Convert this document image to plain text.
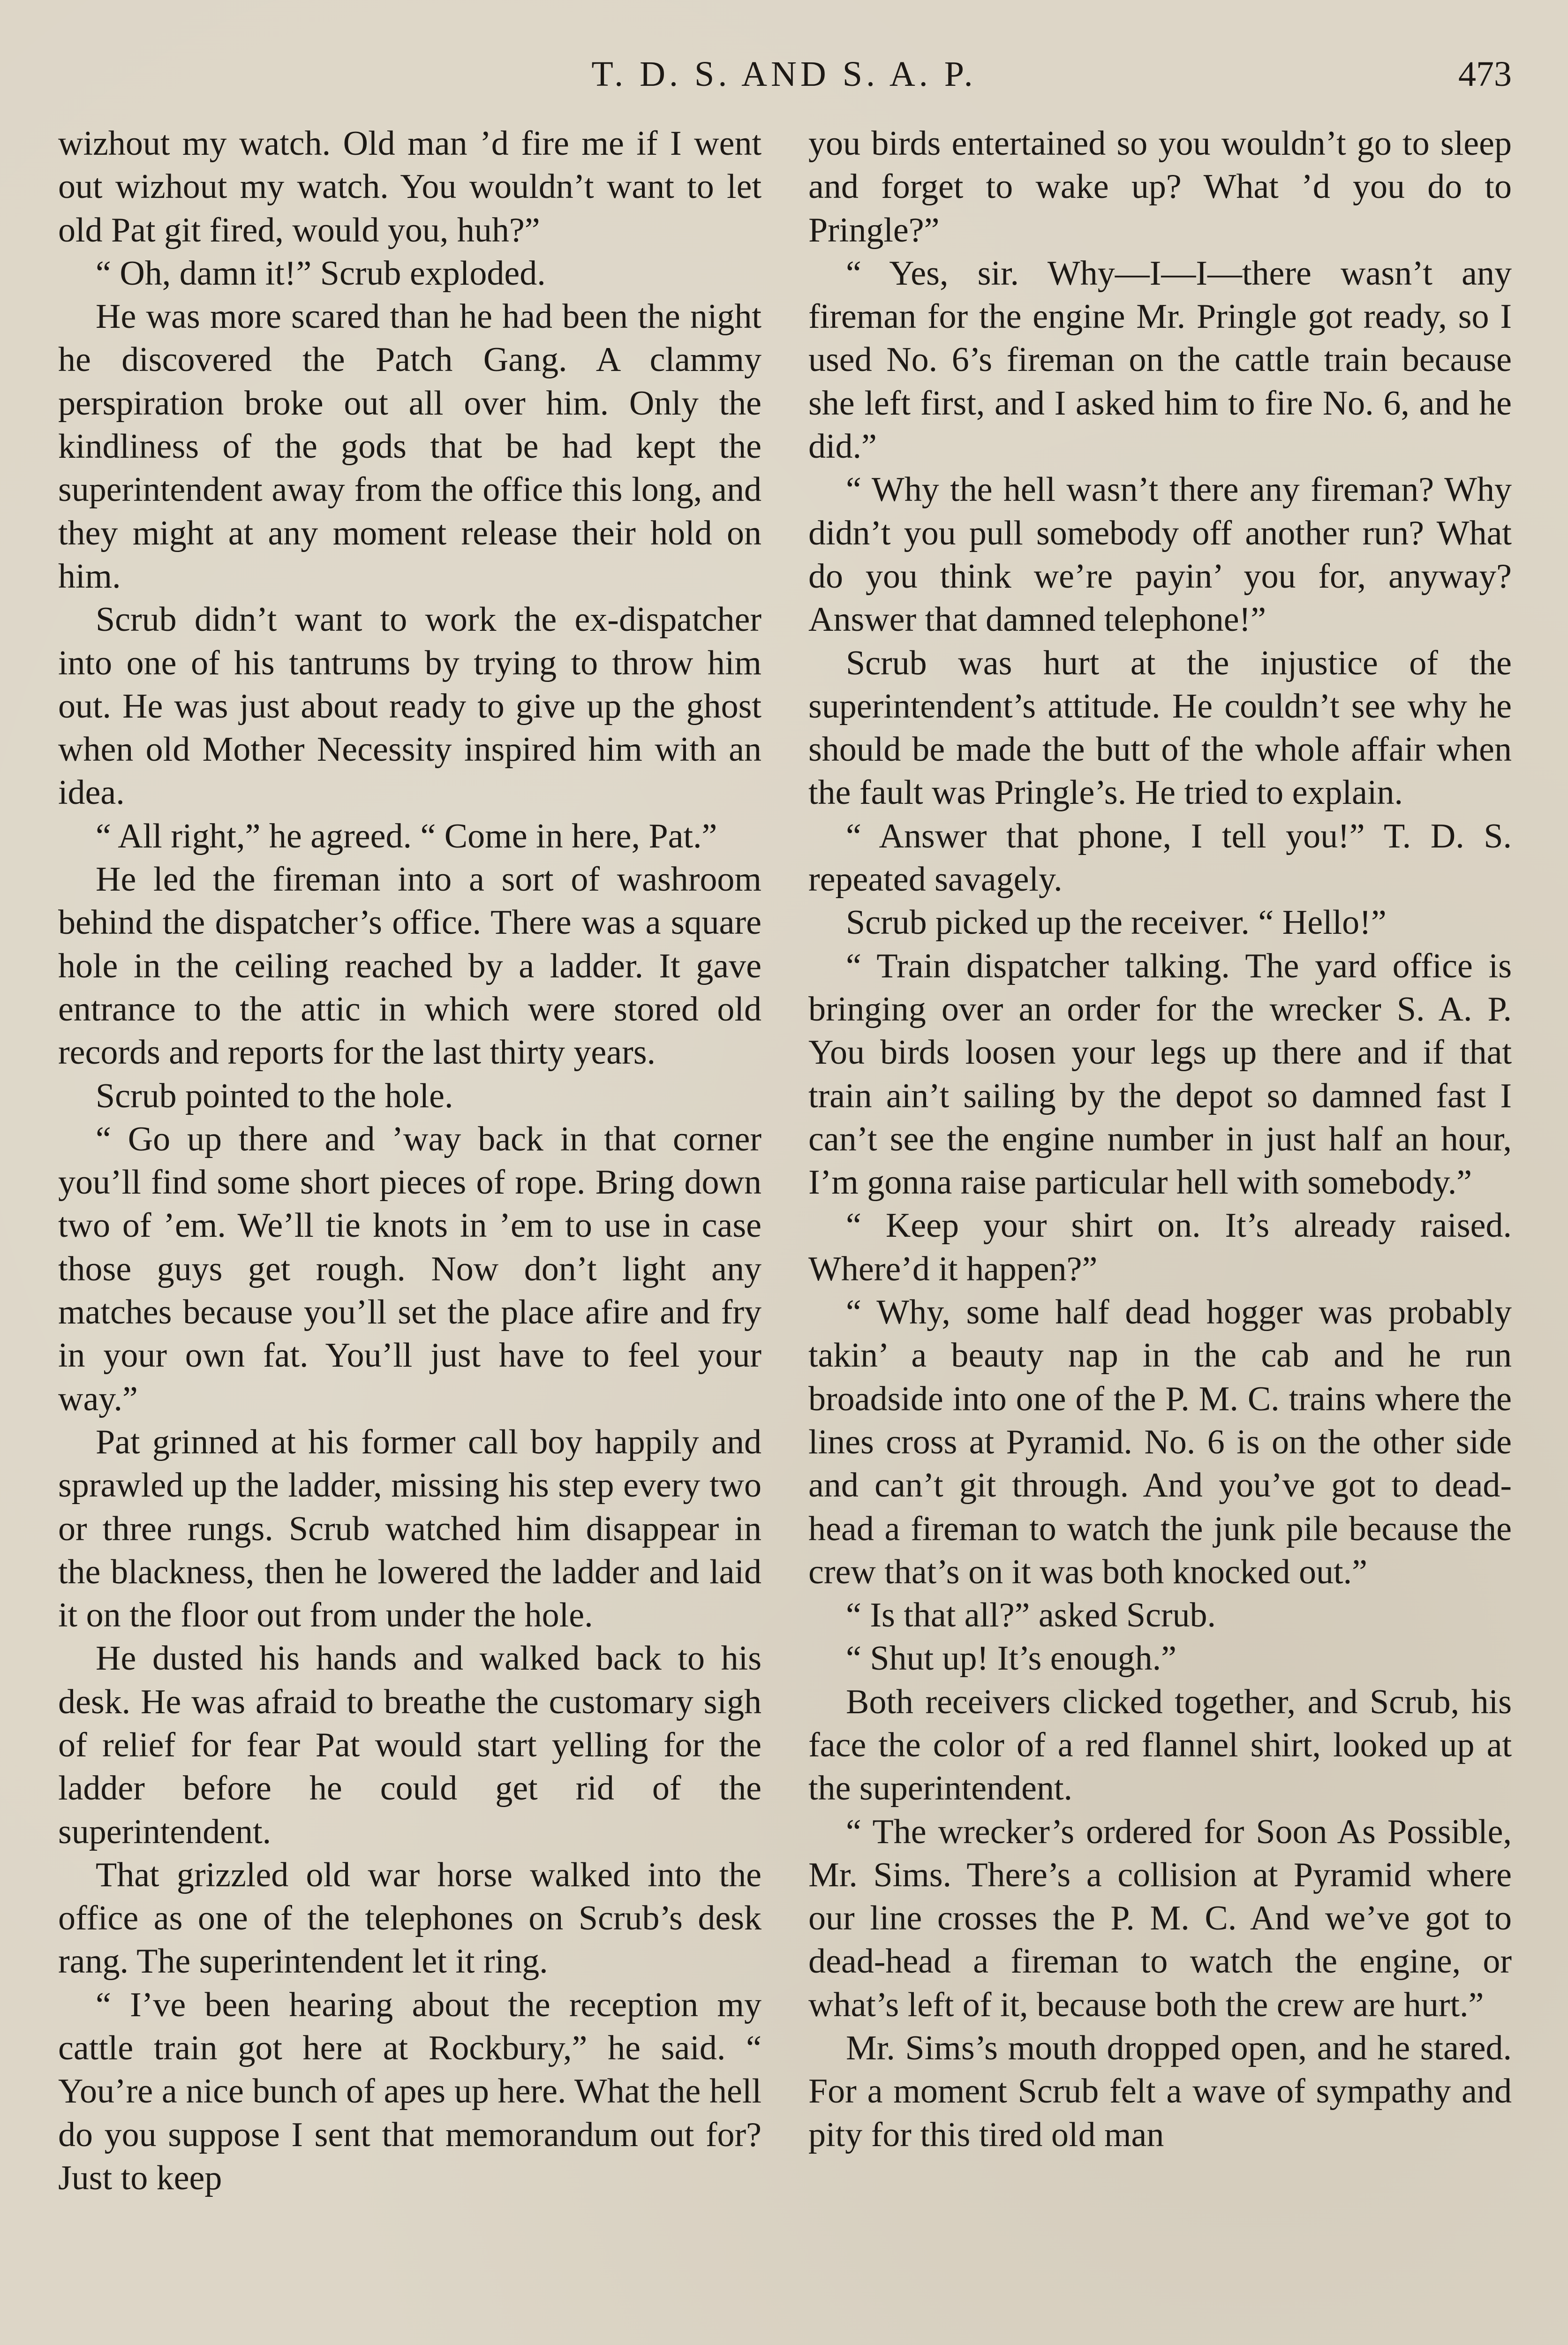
T. D. S. AND S. A. P.	473

wizhout my watch. Old man ’d fire me if I went out wizhout my watch. You wouldn’t want to let old Pat git fired, would you, huh?”

“ Oh, damn it!” Scrub exploded.

He was more scared than he had been the night he discovered the Patch Gang. A clammy perspiration broke out all over him. Only the kindliness of the gods that be had kept the superintendent away from the office this long, and they might at any moment release their hold on him.

Scrub didn’t want to work the ex-dispatcher into one of his tantrums by trying to throw him out. He was just about ready to give up the ghost when old Mother Necessity inspired him with an idea.

“ All right,” he agreed. “ Come in here, Pat.”

He led the fireman into a sort of washroom behind the dispatcher’s office. There was a square hole in the ceiling reached by a ladder. It gave entrance to the attic in which were stored old records and reports for the last thirty years.

Scrub pointed to the hole.

“ Go up there and ’way back in that corner you’ll find some short pieces of rope. Bring down two of ’em. We’ll tie knots in ’em to use in case those guys get rough. Now don’t light any matches because you’ll set the place afire and fry in your own fat. You’ll just have to feel your way.”

Pat grinned at his former call boy happily and sprawled up the ladder, missing his step every two or three rungs. Scrub watched him disappear in the blackness, then he lowered the ladder and laid it on the floor out from under the hole.

He dusted his hands and walked back to his desk. He was afraid to breathe the customary sigh of relief for fear Pat would start yelling for the ladder before he could get rid of the superintendent.

That grizzled old war horse walked into the office as one of the telephones on Scrub’s desk rang. The superintendent let it ring.

“ I’ve been hearing about the reception my cattle train got here at Rockbury,” he said. “ You’re a nice bunch of apes up here. What the hell do you suppose I sent that memorandum out for? Just to keep

you birds entertained so you wouldn’t go to sleep and forget to wake up? What ’d you do to Pringle?”

“ Yes, sir. Why—I—I—there wasn’t any fireman for the engine Mr. Pringle got ready, so I used No. 6’s fireman on the cattle train because she left first, and I asked him to fire No. 6, and he did.”

“ Why the hell wasn’t there any fireman? Why didn’t you pull somebody off another run? What do you think we’re payin’ you for, anyway? Answer that damned telephone!”

Scrub was hurt at the injustice of the superintendent’s attitude. He couldn’t see why he should be made the butt of the whole affair when the fault was Pringle’s. He tried to explain.

“ Answer that phone, I tell you!” T. D. S. repeated savagely.

Scrub picked up the receiver. “ Hello!”

“ Train dispatcher talking. The yard office is bringing over an order for the wrecker S. A. P. You birds loosen your legs up there and if that train ain’t sailing by the depot so damned fast I can’t see the engine number in just half an hour, I’m gonna raise particular hell with somebody.”

“ Keep your shirt on. It’s already raised. Where’d it happen?”

“ Why, some half dead hogger was probably takin’ a beauty nap in the cab and he run broadside into one of the P. M. C. trains where the lines cross at Pyramid. No. 6 is on the other side and can’t git through. And you’ve got to dead-head a fireman to watch the junk pile because the crew that’s on it was both knocked out.”

“ Is that all?” asked Scrub.

“ Shut up! It’s enough.”

Both receivers clicked together, and Scrub, his face the color of a red flannel shirt, looked up at the superintendent.

“ The wrecker’s ordered for Soon As Possible, Mr. Sims. There’s a collision at Pyramid where our line crosses the P. M. C. And we’ve got to dead-head a fireman to watch the engine, or what’s left of it, because both the crew are hurt.”

Mr. Sims’s mouth dropped open, and he stared. For a moment Scrub felt a wave of sympathy and pity for this tired old man
